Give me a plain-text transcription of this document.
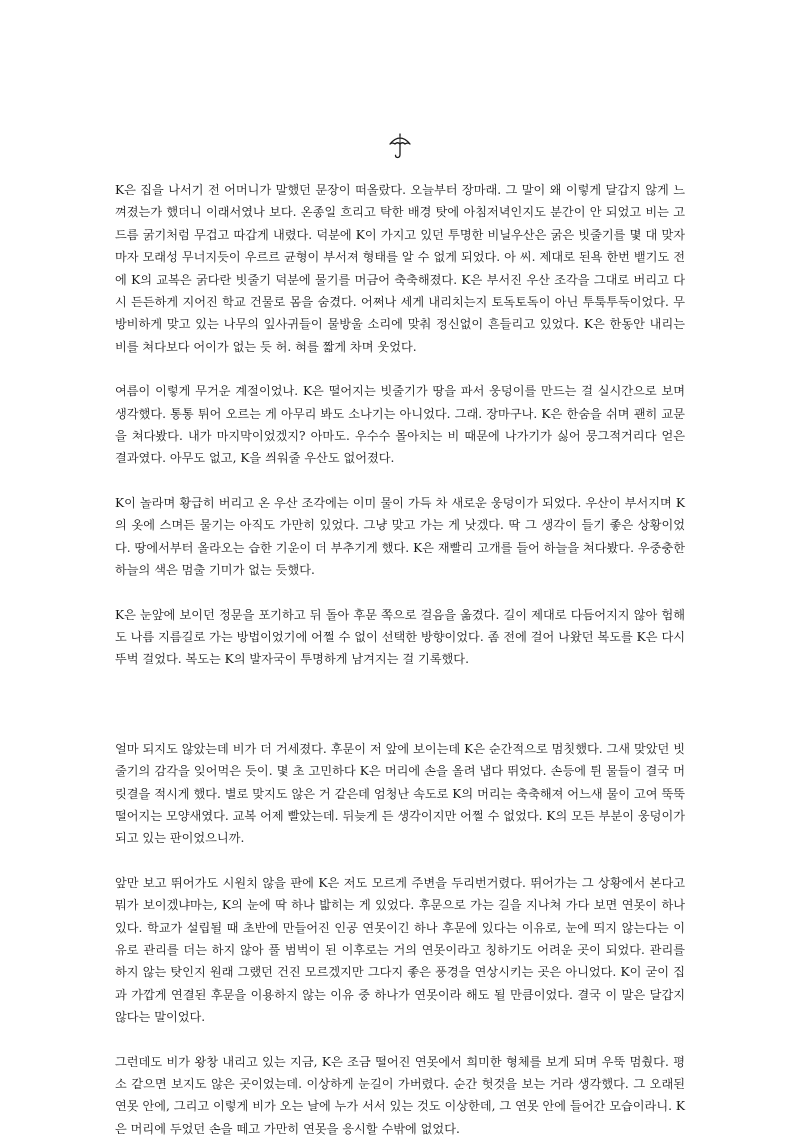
K은 집을 나서기 전 어머니가 말했던 문장이 떠올랐다. 오늘부터 장마래. 그 말이 왜 이렇게 달갑지 않게 느껴졌는가 했더니 이래서였나 보다. 온종일 흐리고 탁한 배경 탓에 아침저녁인지도 분간이 안 되었고 비는 고드름 굵기처럼 무겁고 따갑게 내렸다. 덕분에 K이 가지고 있던 투명한 비닐우산은 굵은 빗줄기를 몇 대 맞자마자 모래성 무너지듯이 우르르 균형이 부서져 형태를 알 수 없게 되었다. 아 씨. 제대로 된욕 한번 뱉기도 전에 K의 교복은 굵다란 빗줄기 덕분에 물기를 머금어 축축해졌다. K은 부서진 우산 조각을 그대로 버리고 다시 든든하게 지어진 학교 건물로 몸을 숨겼다. 어쩌나 세게 내리치는지 토독토독이 아닌 투툭투둑이었다. 무방비하게 맞고 있는 나무의 잎사귀들이 물방울 소리에 맞춰 정신없이 흔들리고 있었다. K은 한동안 내리는 비를 쳐다보다 어이가 없는 듯 허. 혀를 짧게 차며 웃었다.

여름이 이렇게 무거운 계절이었나. K은 떨어지는 빗줄기가 땅을 파서 웅덩이를 만드는 걸 실시간으로 보며 생각했다. 통통 튀어 오르는 게 아무리 봐도 소나기는 아니었다. 그래. 장마구나. K은 한숨을 쉬며 괜히 교문을 쳐다봤다. 내가 마지막이었겠지? 아마도. 우수수 몰아치는 비 때문에 나가기가 싫어 뭉그적거리다 얻은 결과였다. 아무도 없고, K을 씌워줄 우산도 없어졌다.

K이 놀라며 황급히 버리고 온 우산 조각에는 이미 물이 가득 차 새로운 웅덩이가 되었다. 우산이 부서지며 K의 옷에 스며든 물기는 아직도 가만히 있었다. 그냥 맞고 가는 게 낫겠다. 딱 그 생각이 들기 좋은 상황이었다. 땅에서부터 올라오는 습한 기운이 더 부추기게 했다. K은 재빨리 고개를 들어 하늘을 쳐다봤다. 우중충한 하늘의 색은 멈출 기미가 없는 듯했다.

K은 눈앞에 보이던 정문을 포기하고 뒤 돌아 후문 쪽으로 걸음을 옮겼다. 길이 제대로 다듬어지지 않아 험해도 나름 지름길로 가는 방법이었기에 어쩔 수 없이 선택한 방향이었다. 좀 전에 걸어 나왔던 복도를 K은 다시 뚜벅 걸었다. 복도는 K의 발자국이 투명하게 남겨지는 걸 기록했다.

얼마 되지도 않았는데 비가 더 거세졌다. 후문이 저 앞에 보이는데 K은 순간적으로 멈칫했다. 그새 맞았던 빗줄기의 감각을 잊어먹은 듯이. 몇 초 고민하다 K은 머리에 손을 올려 냅다 뛰었다. 손등에 튄 물들이 결국 머릿결을 적시게 했다. 별로 맞지도 않은 거 같은데 엄청난 속도로 K의 머리는 축축해져 어느새 물이 고여 뚝뚝 떨어지는 모양새였다. 교복 어제 빨았는데. 뒤늦게 든 생각이지만 어쩔 수 없었다. K의 모든 부분이 웅덩이가 되고 있는 판이었으니까.

앞만 보고 뛰어가도 시원치 않을 판에 K은 저도 모르게 주변을 두리번거렸다. 뛰어가는 그 상황에서 본다고 뭐가 보이겠냐마는, K의 눈에 딱 하나 밟히는 게 있었다. 후문으로 가는 길을 지나쳐 가다 보면 연못이 하나 있다. 학교가 설립될 때 초반에 만들어진 인공 연못이긴 하나 후문에 있다는 이유로, 눈에 띄지 않는다는 이유로 관리를 더는 하지 않아 풀 범벅이 된 이후로는 거의 연못이라고 칭하기도 어려운 곳이 되었다. 관리를 하지 않는 탓인지 원래 그랬던 건진 모르겠지만 그다지 좋은 풍경을 연상시키는 곳은 아니었다. K이 굳이 집과 가깝게 연결된 후문을 이용하지 않는 이유 중 하나가 연못이라 해도 될 만큼이었다. 결국 이 말은 달갑지 않다는 말이었다.

그런데도 비가 왕창 내리고 있는 지금, K은 조금 떨어진 연못에서 희미한 형체를 보게 되며 우뚝 멈췄다. 평소 같으면 보지도 않은 곳이었는데. 이상하게 눈길이 가버렸다. 순간 헛것을 보는 거라 생각했다. 그 오래된 연못 안에, 그리고 이렇게 비가 오는 날에 누가 서서 있는 것도 이상한데, 그 연못 안에 들어간 모습이라니. K은 머리에 두었던 손을 떼고 가만히 연못을 응시할 수밖에 없었다.
